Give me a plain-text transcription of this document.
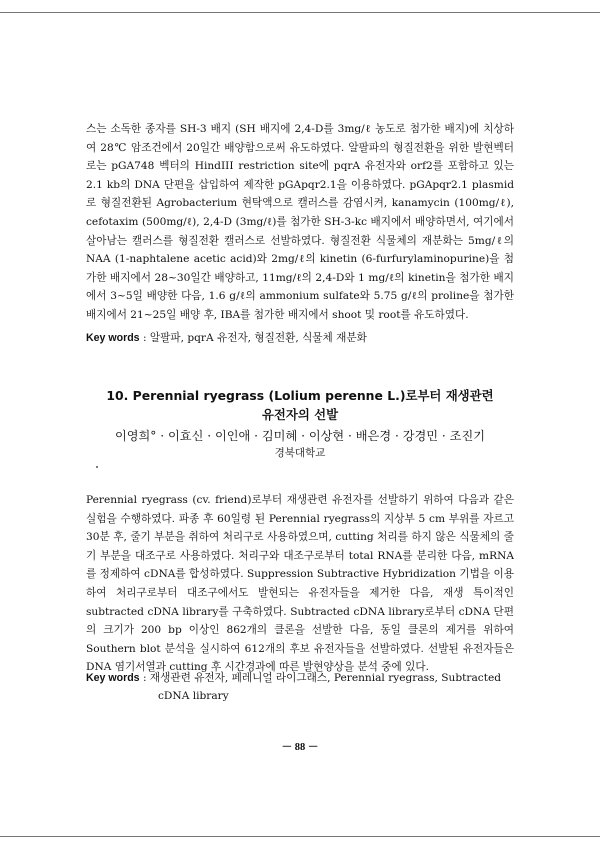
스는 소독한 종자를 SH-3 배지 (SH 배지에 2,4-D를 3mg/ℓ 농도로 첨가한 배지)에 치상하여 28℃ 암조건에서 20일간 배양함으로써 유도하였다. 알팔파의 형질전환을 위한 발현벡터로는 pGA748 벡터의 HindIII restriction site에 pqrA 유전자와 orf2를 포함하고 있는 2.1 kb의 DNA 단편을 삽입하여 제작한 pGApqr2.1을 이용하였다. pGApqr2.1 plasmid로 형질전환된 Agrobacterium 현탁액으로 캘러스를 감염시켜, kanamycin (100mg/ℓ), cefotaxim (500mg/ℓ), 2,4-D (3mg/ℓ)를 첨가한 SH-3-kc 배지에서 배양하면서, 여기에서 살아남는 캘러스를 형질전환 캘러스로 선발하였다. 형질전환 식물체의 재분화는 5mg/ℓ의 NAA (1-naphtalene acetic acid)와 2mg/ℓ의 kinetin (6-furfurylaminopurine)을 첨가한 배지에서 28~30일간 배양하고, 11mg/ℓ의 2,4-D와 1 mg/ℓ의 kinetin을 첨가한 배지에서 3~5일 배양한 다음, 1.6 g/ℓ의 ammonium sulfate와 5.75 g/ℓ의 proline을 첨가한 배지에서 21~25일 배양 후, IBA를 첨가한 배지에서 shoot 및 root를 유도하였다.

Key words : 알팔파, pqrA 유전자, 형질전환, 식물체 재분화
10. Perennial ryegrass (Lolium perenne L.)로부터 재생관련
유전자의 선발
이영희° · 이효신 · 이인애 · 김미혜 · 이상현 · 배은경 · 강경민 · 조진기
경북대학교

Perennial ryegrass (cv. friend)로부터 재생관련 유전자를 선발하기 위하여 다음과 같은 실험을 수행하였다. 파종 후 60일령 된 Perennial ryegrass의 지상부 5 cm 부위를 자르고 30분 후, 줄기 부분을 취하여 처리구로 사용하였으며, cutting 처리를 하지 않은 식물체의 줄기 부분을 대조구로 사용하였다. 처리구와 대조구로부터 total RNA를 분리한 다음, mRNA를 정제하여 cDNA를 합성하였다. Suppression Subtractive Hybridization 기법을 이용하여 처리구로부터 대조구에서도 발현되는 유전자들을 제거한 다음, 재생 특이적인 subtracted cDNA library를 구축하였다. Subtracted cDNA library로부터 cDNA 단편의 크기가 200 bp 이상인 862개의 클론을 선발한 다음, 동일 클론의 제거를 위하여 Southern blot 분석을 실시하여 612개의 후보 유전자들을 선발하였다. 선발된 유전자들은 DNA 염기서열과 cutting 후 시간경과에 따른 발현양상을 분석 중에 있다.

Key words : 재생관련 유전자, 페레니얼 라이그래스, Perennial ryegrass, Subtracted
cDNA library
－ 88 －
